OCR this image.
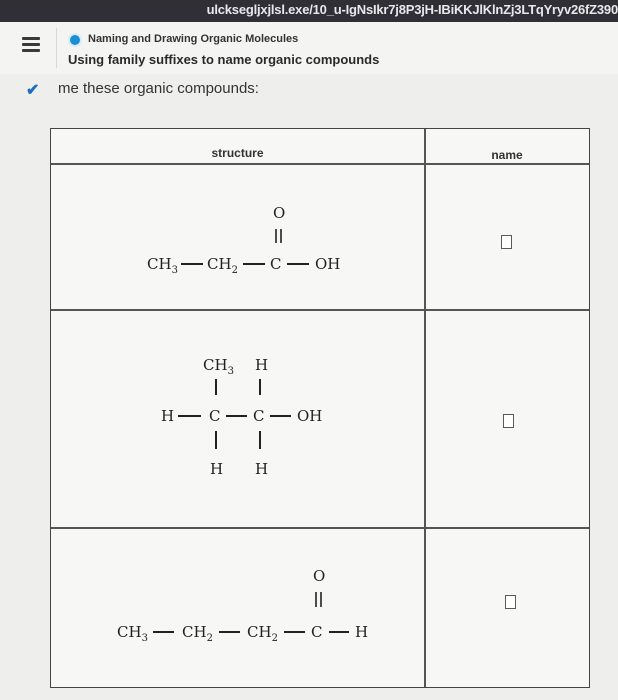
ulcksegljxjlsl.exe/10_u-IgNsIkr7j8P3jH-IBiKKJlKlnZj3LTqYryv26fZ390
Naming and Drawing Organic Molecules
Using family suffixes to name organic compounds
✔ me these organic compounds:
structure	name
O
$CH_3$ $CH_2$ C OH
$CH_3$ H
H C C OH
H H
O
$CH_3$ $CH_2$ $CH_2$ C H
